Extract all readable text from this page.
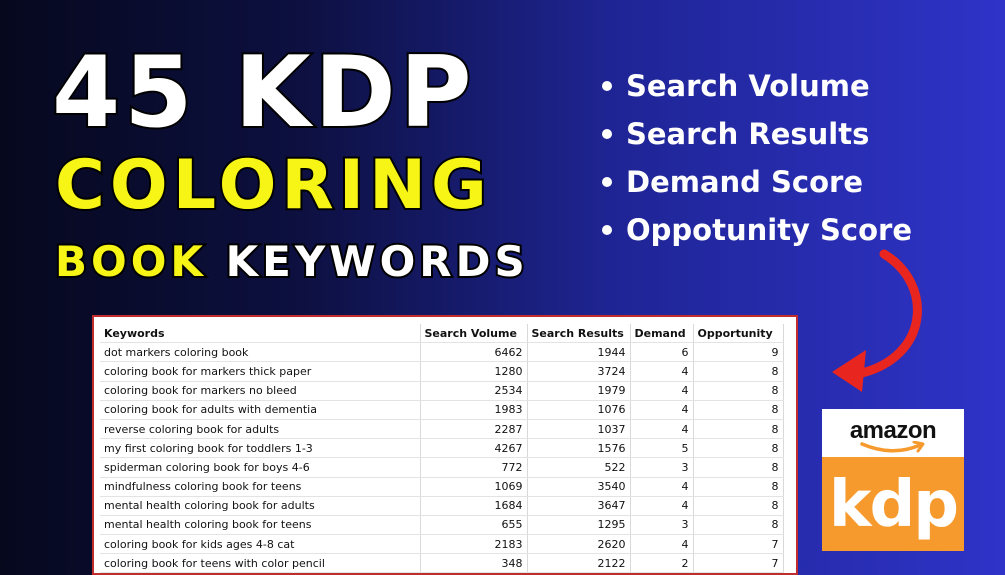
45 KDP
COLORING
BOOK KEYWORDS
Search Volume
Search Results
Demand Score
Oppotunity Score
amazon
kdp
Keywords	Search Volume	Search Results	Demand	Opportunity
dot markers coloring book	6462	1944	6	9
coloring book for markers thick paper	1280	3724	4	8
coloring book for markers no bleed	2534	1979	4	8
coloring book for adults with dementia	1983	1076	4	8
reverse coloring book for adults	2287	1037	4	8
my first coloring book for toddlers 1-3	4267	1576	5	8
spiderman coloring book for boys 4-6	772	522	3	8
mindfulness coloring book for teens	1069	3540	4	8
mental health coloring book for adults	1684	3647	4	8
mental health coloring book for teens	655	1295	3	8
coloring book for kids ages 4-8 cat	2183	2620	4	7
coloring book for teens with color pencil	348	2122	2	7
